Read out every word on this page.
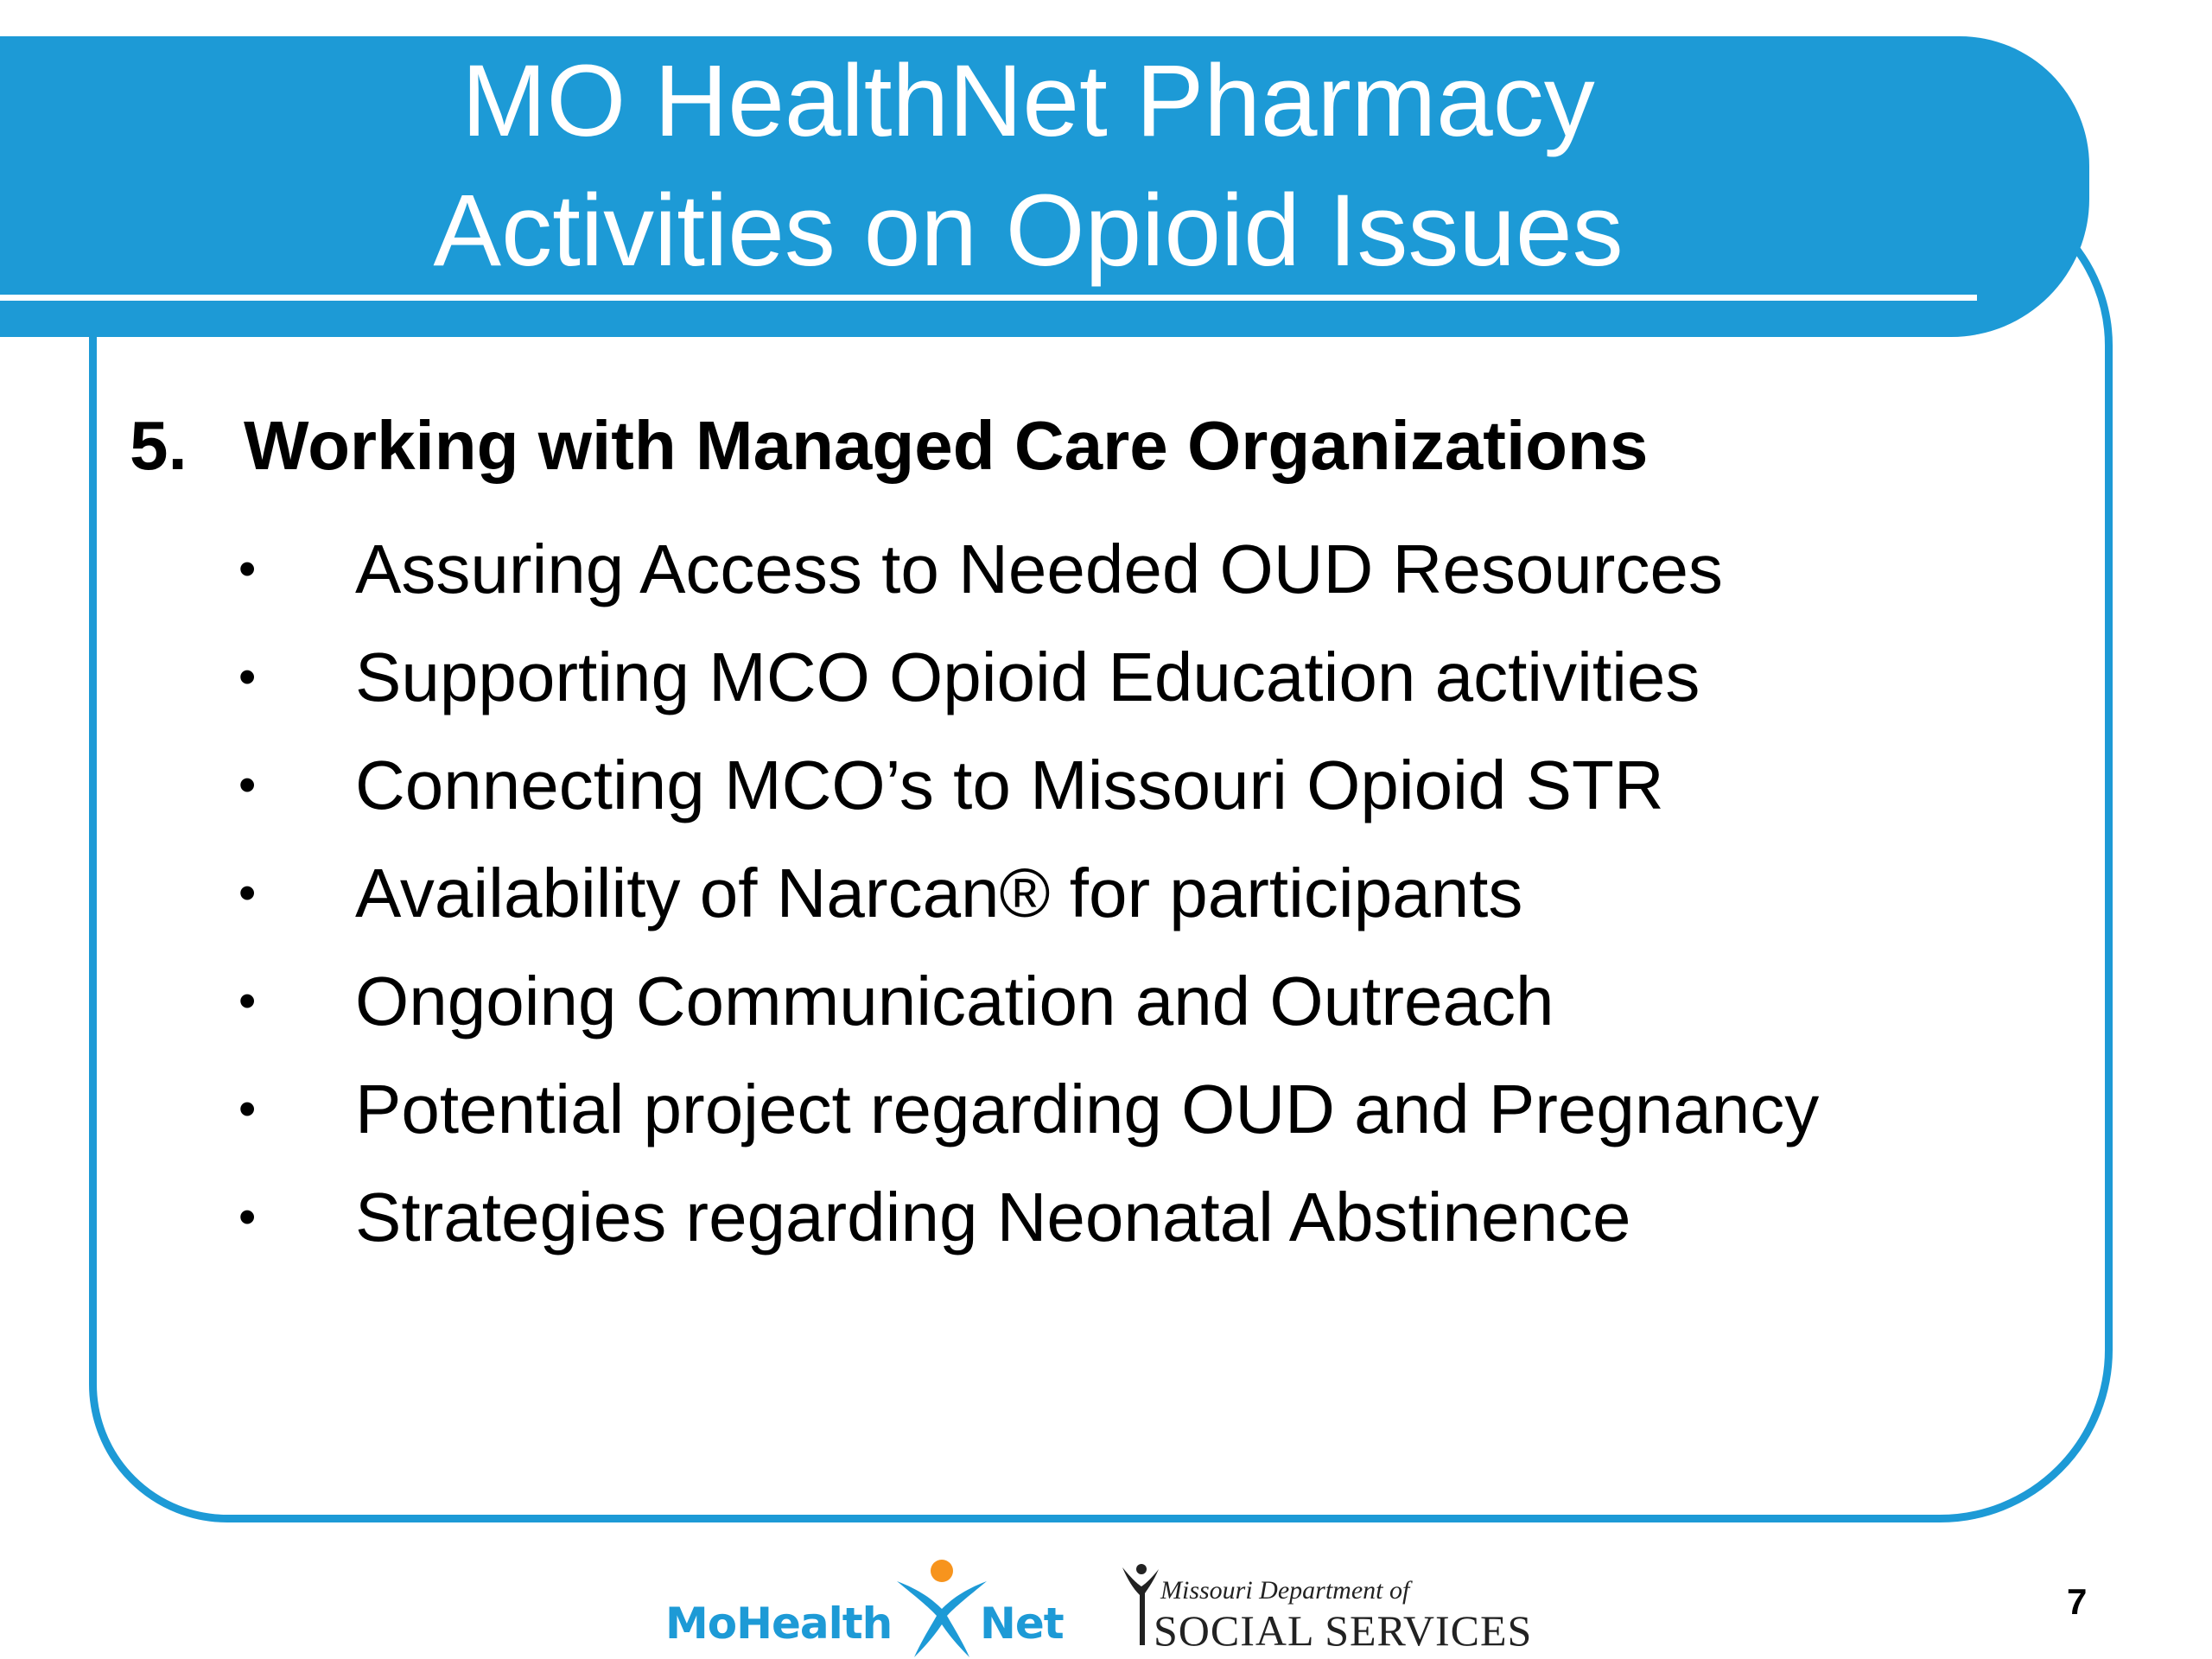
MO HealthNet Pharmacy
Activities on Opioid Issues
5. Working with Managed Care Organizations
•	Assuring Access to Needed OUD Resources
•	Supporting MCO Opioid Education activities
•	Connecting MCO’s to Missouri Opioid STR
•	Availability of Narcan® for participants
•	Ongoing Communication and Outreach
•	Potential project regarding OUD and Pregnancy
•	Strategies regarding Neonatal Abstinence
MoHealth Net
Missouri Department of
SOCIAL SERVICES
7
